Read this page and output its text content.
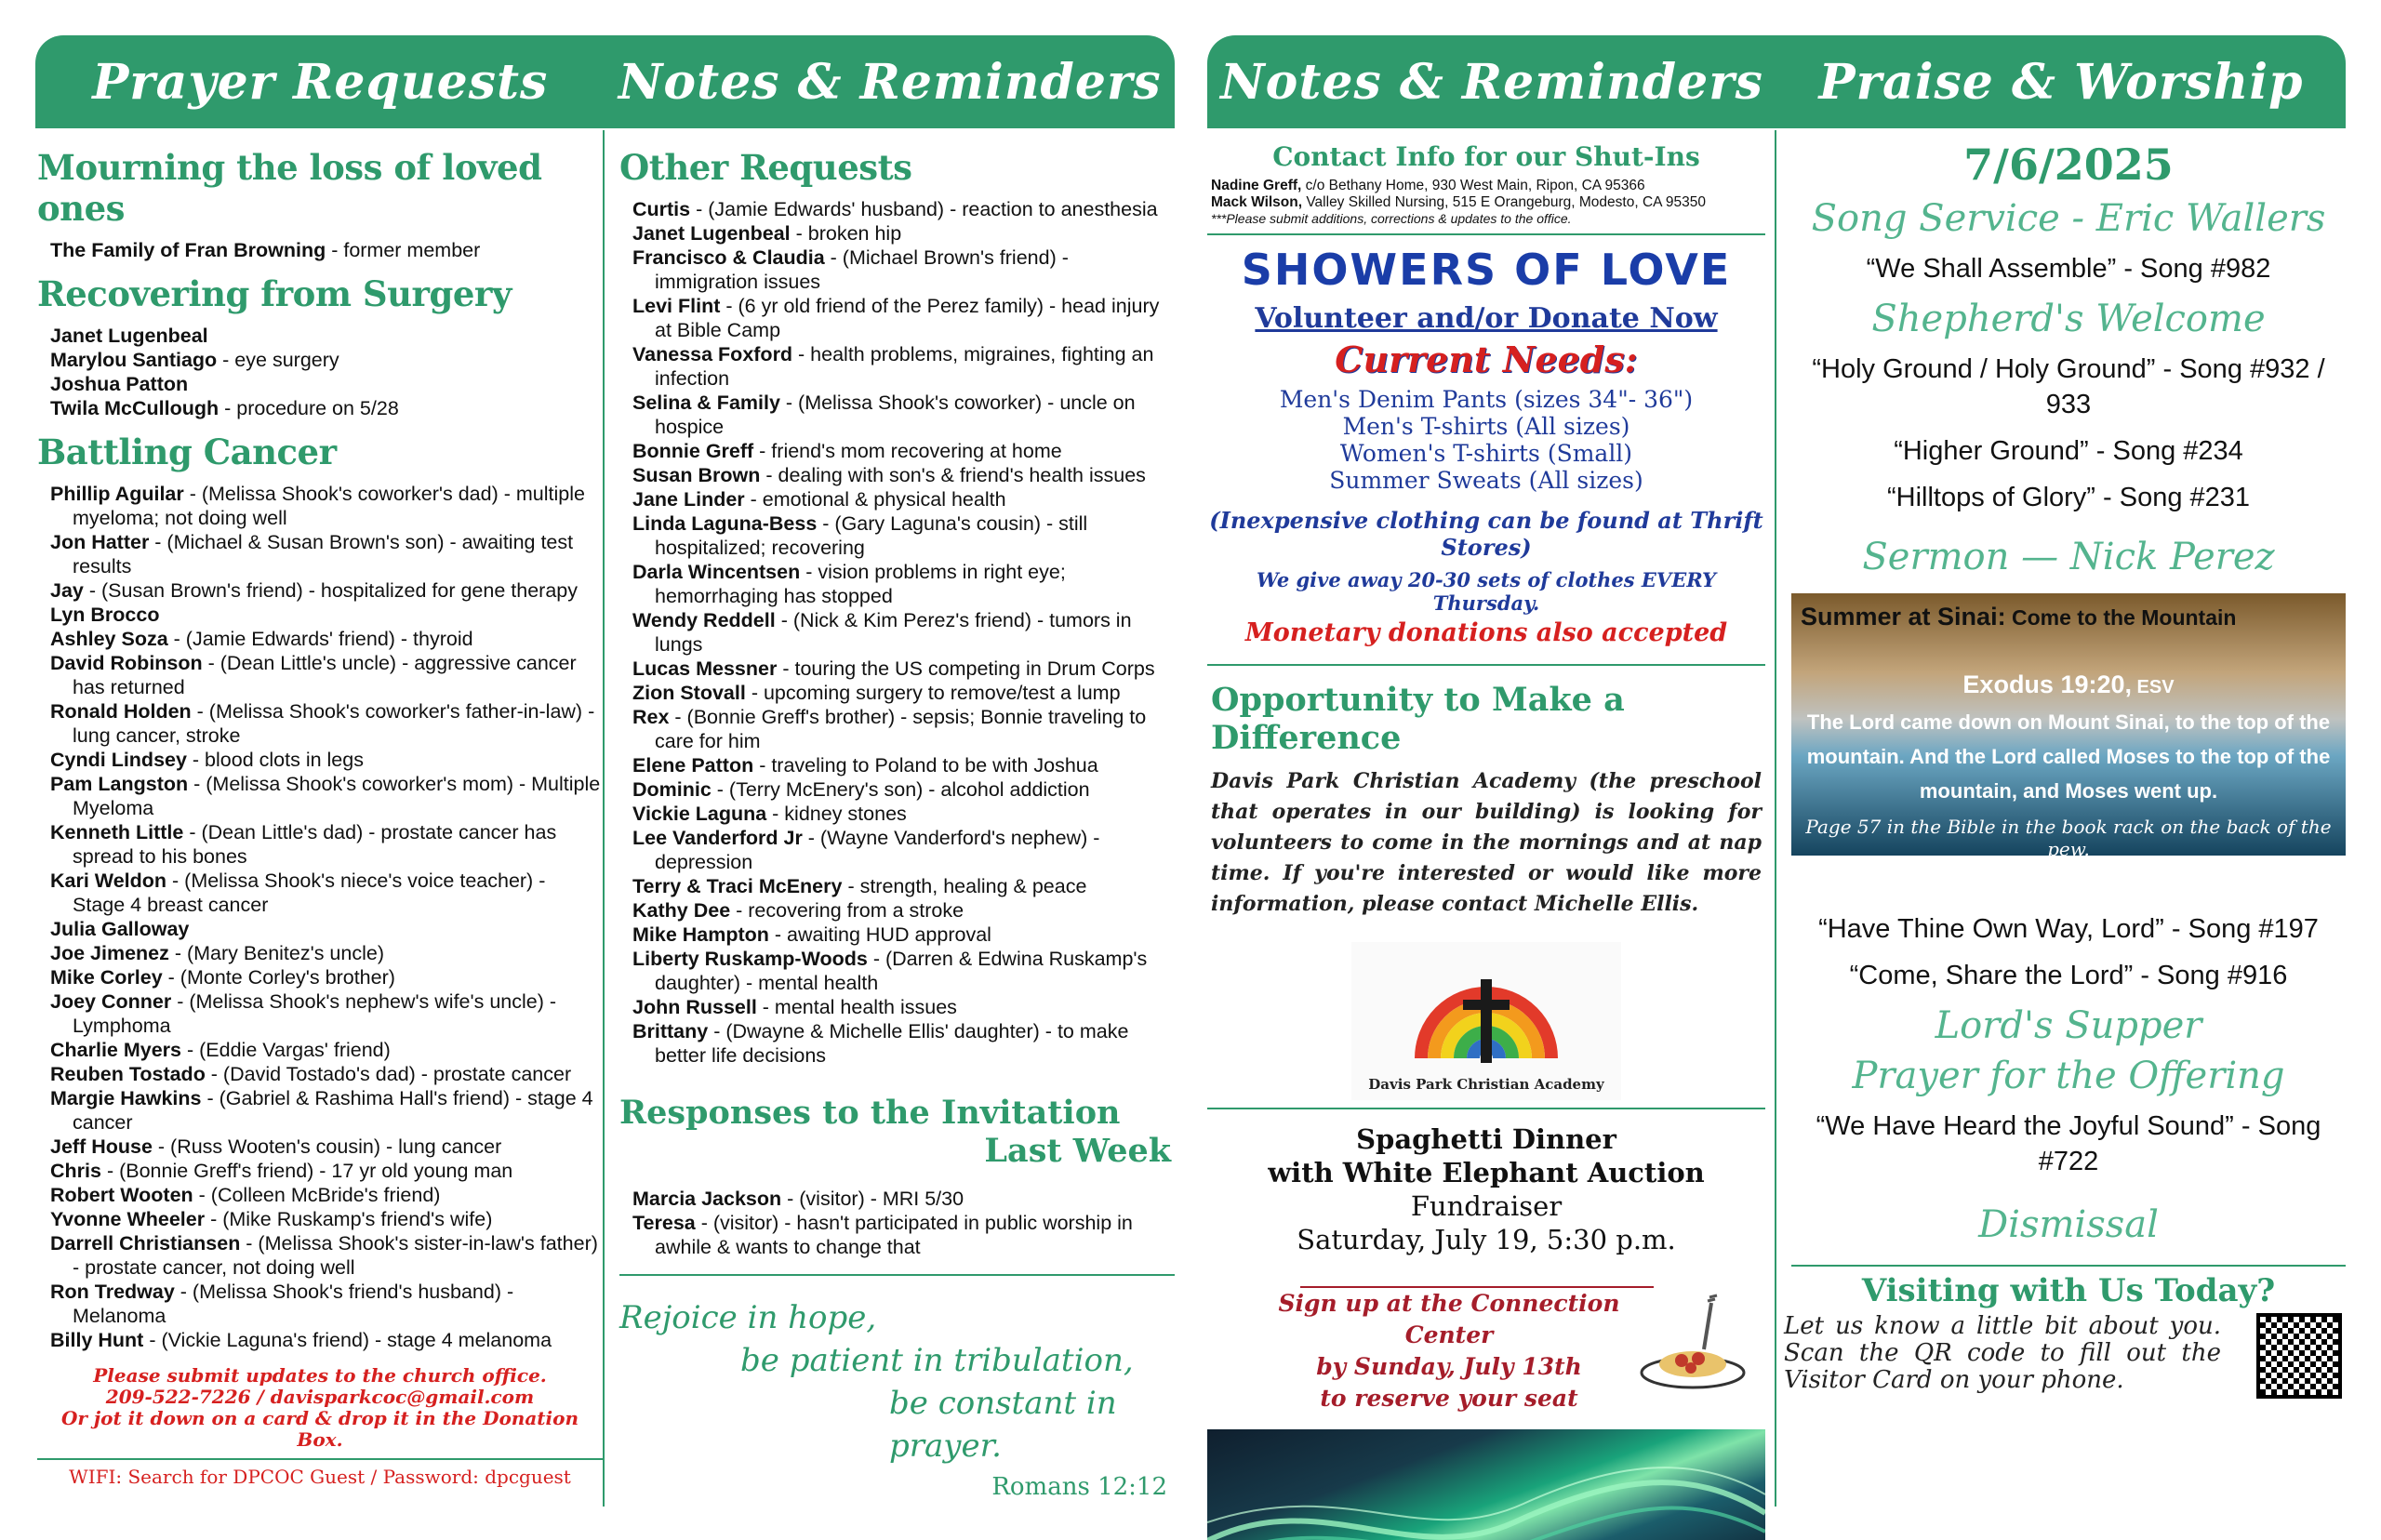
Prayer Requests	Notes & Reminders Notes & Reminders	Praise & Worship
Mourning the loss of loved ones
The Family of Fran Browning - former member
Recovering from Surgery
Janet Lugenbeal
Marylou Santiago - eye surgery
Joshua Patton
Twila McCullough - procedure on 5/28
Battling Cancer
Phillip Aguilar - (Melissa Shook's coworker's dad) - multiple myeloma; not doing well
Jon Hatter - (Michael & Susan Brown's son) - awaiting test results
Jay - (Susan Brown's friend) - hospitalized for gene therapy
Lyn Brocco
Ashley Soza - (Jamie Edwards' friend) - thyroid
David Robinson - (Dean Little's uncle) - aggressive cancer has returned
Ronald Holden - (Melissa Shook's coworker's father-in-law) - lung cancer, stroke
Cyndi Lindsey - blood clots in legs
Pam Langston - (Melissa Shook's coworker's mom) - Multiple Myeloma
Kenneth Little - (Dean Little's dad) - prostate cancer has spread to his bones
Kari Weldon - (Melissa Shook's niece's voice teacher) - Stage 4 breast cancer
Julia Galloway
Joe Jimenez - (Mary Benitez's uncle)
Mike Corley - (Monte Corley's brother)
Joey Conner - (Melissa Shook's nephew's wife's uncle) - Lymphoma
Charlie Myers - (Eddie Vargas' friend)
Reuben Tostado - (David Tostado's dad) - prostate cancer
Margie Hawkins - (Gabriel & Rashima Hall's friend) - stage 4 cancer
Jeff House - (Russ Wooten's cousin) - lung cancer
Chris - (Bonnie Greff's friend) - 17 yr old young man
Robert Wooten - (Colleen McBride's friend)
Yvonne Wheeler - (Mike Ruskamp's friend's wife)
Darrell Christiansen - (Melissa Shook's sister-in-law's father) - prostate cancer, not doing well
Ron Tredway - (Melissa Shook's friend's husband) - Melanoma
Billy Hunt - (Vickie Laguna's friend) - stage 4 melanoma
Please submit updates to the church office.
209-522-7226 / davisparkcoc@gmail.com
Or jot it down on a card & drop it in the Donation Box.
WIFI: Search for DPCOC Guest / Password: dpcguest
Other Requests
Curtis - (Jamie Edwards' husband) - reaction to anesthesia
Janet Lugenbeal - broken hip
Francisco & Claudia - (Michael Brown's friend) - immigration issues
Levi Flint - (6 yr old friend of the Perez family) - head injury at Bible Camp
Vanessa Foxford - health problems, migraines, fighting an infection
Selina & Family - (Melissa Shook's coworker) - uncle on hospice
Bonnie Greff - friend's mom recovering at home
Susan Brown - dealing with son's & friend's health issues
Jane Linder - emotional & physical health
Linda Laguna-Bess - (Gary Laguna's cousin) - still hospitalized; recovering
Darla Wincentsen - vision problems in right eye; hemorrhaging has stopped
Wendy Reddell - (Nick & Kim Perez's friend) - tumors in lungs
Lucas Messner - touring the US competing in Drum Corps
Zion Stovall - upcoming surgery to remove/test a lump
Rex - (Bonnie Greff's brother) - sepsis; Bonnie traveling to care for him
Elene Patton - traveling to Poland to be with Joshua
Dominic - (Terry McEnery's son) - alcohol addiction
Vickie Laguna - kidney stones
Lee Vanderford Jr - (Wayne Vanderford's nephew) - depression
Terry & Traci McEnery - strength, healing & peace
Kathy Dee - recovering from a stroke
Mike Hampton - awaiting HUD approval
Liberty Ruskamp-Woods - (Darren & Edwina Ruskamp's daughter) - mental health
John Russell - mental health issues
Brittany - (Dwayne & Michelle Ellis' daughter) - to make better life decisions
Responses to the Invitation
Last Week
Marcia Jackson - (visitor) - MRI 5/30
Teresa - (visitor) - hasn't participated in public worship in awhile & wants to change that
Rejoice in hope,
be patient in tribulation,
be constant in prayer.
Romans 12:12
Contact Info for our Shut-Ins
Nadine Greff, c/o Bethany Home, 930 West Main, Ripon, CA 95366
Mack Wilson, Valley Skilled Nursing, 515 E Orangeburg, Modesto, CA 95350
***Please submit additions, corrections & updates to the office.
SHOWERS OF LOVE
Volunteer and/or Donate Now
Current Needs:
Men's Denim Pants (sizes 34"- 36")
Men's T-shirts (All sizes)
Women's T-shirts (Small)
Summer Sweats (All sizes)
(Inexpensive clothing can be found at Thrift Stores)
We give away 20-30 sets of clothes EVERY Thursday.
Monetary donations also accepted
Opportunity to Make a Difference
Davis Park Christian Academy (the preschool that operates in our building) is looking for volunteers to come in the mornings and at nap time. If you're interested or would like more information, please contact Michelle Ellis.
Davis Park Christian Academy
Spaghetti Dinner
with White Elephant Auction
Fundraiser
Saturday, July 19, 5:30 p.m.
Sign up at the Connection Center
by Sunday, July 13th
to reserve your seat
7/6/2025
Song Service - Eric Wallers
“We Shall Assemble” - Song #982
Shepherd's Welcome
“Holy Ground / Holy Ground” - Song #932 / 933
“Higher Ground” - Song #234
“Hilltops of Glory” - Song #231
Sermon — Nick Perez
Summer at Sinai: Come to the Mountain
Exodus 19:20, ESV
The Lord came down on Mount Sinai, to the top of the mountain. And the Lord called Moses to the top of the mountain, and Moses went up.
Page 57 in the Bible in the book rack on the back of the pew.
“Have Thine Own Way, Lord” - Song #197
“Come, Share the Lord” - Song #916
Lord's Supper
Prayer for the Offering
“We Have Heard the Joyful Sound” - Song #722
Dismissal
Visiting with Us Today?
Let us know a little bit about you. Scan the QR code to fill out the Visitor Card on your phone.
